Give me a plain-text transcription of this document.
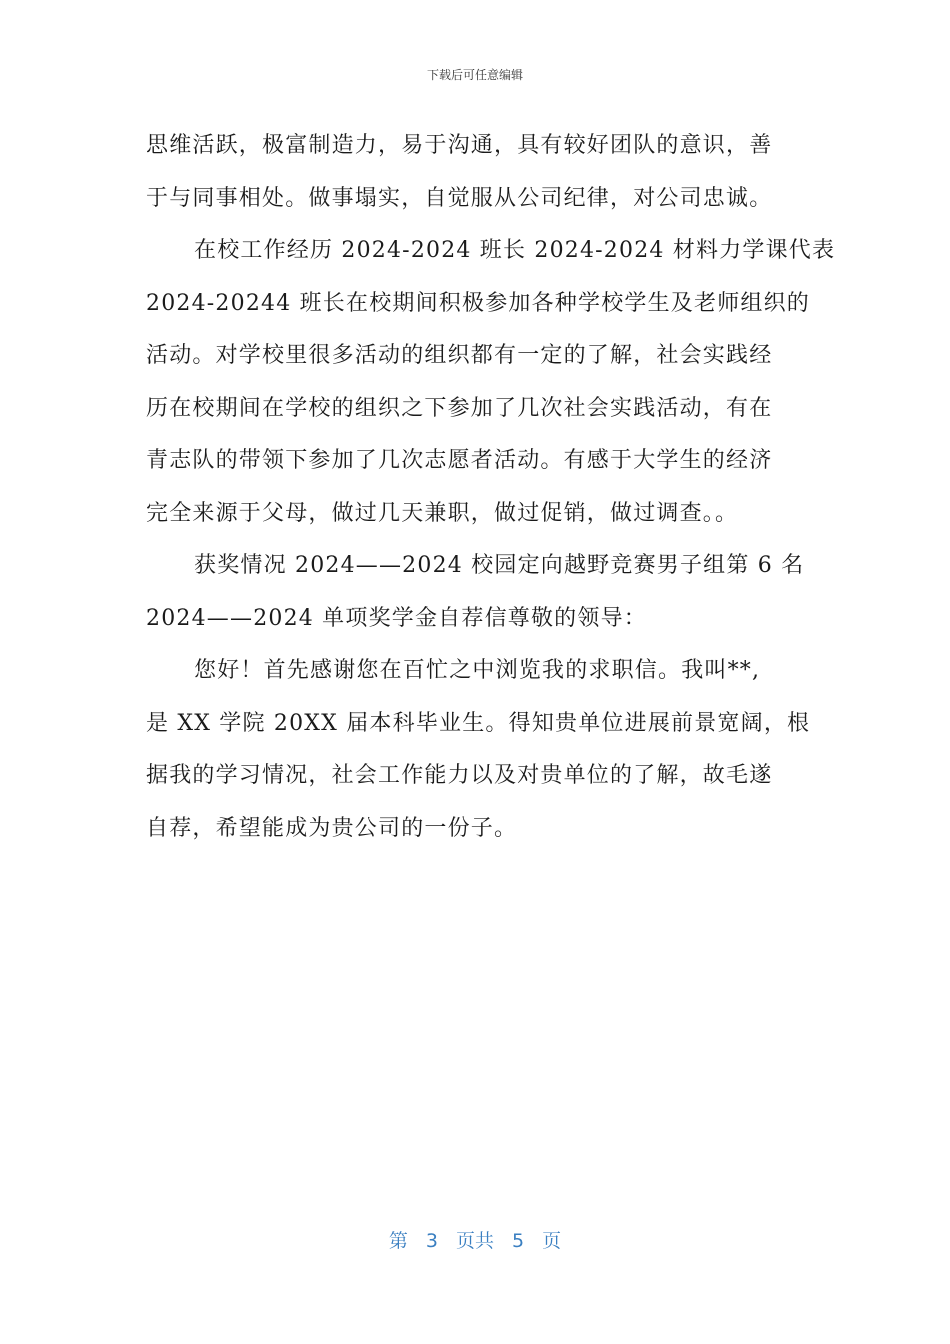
下载后可任意编辑
思维活跃，极富制造力，易于沟通，具有较好团队的意识，善
于与同事相处。做事塌实，自觉服从公司纪律，对公司忠诚。
在校工作经历 2024-2024 班长 2024-2024 材料力学课代表
2024-20244 班长在校期间积极参加各种学校学生及老师组织的
活动。对学校里很多活动的组织都有一定的了解，社会实践经
历在校期间在学校的组织之下参加了几次社会实践活动，有在
青志队的带领下参加了几次志愿者活动。有感于大学生的经济
完全来源于父母，做过几天兼职，做过促销，做过调查。。
获奖情况 2024——2024 校园定向越野竞赛男子组第 6 名
2024——2024 单项奖学金自荐信尊敬的领导：
您好！首先感谢您在百忙之中浏览我的求职信。我叫**,
是 XX 学院 20XX 届本科毕业生。得知贵单位进展前景宽阔，根
据我的学习情况，社会工作能力以及对贵单位的了解，故毛遂
自荐，希望能成为贵公司的一份子。
第 3 页共 5 页
